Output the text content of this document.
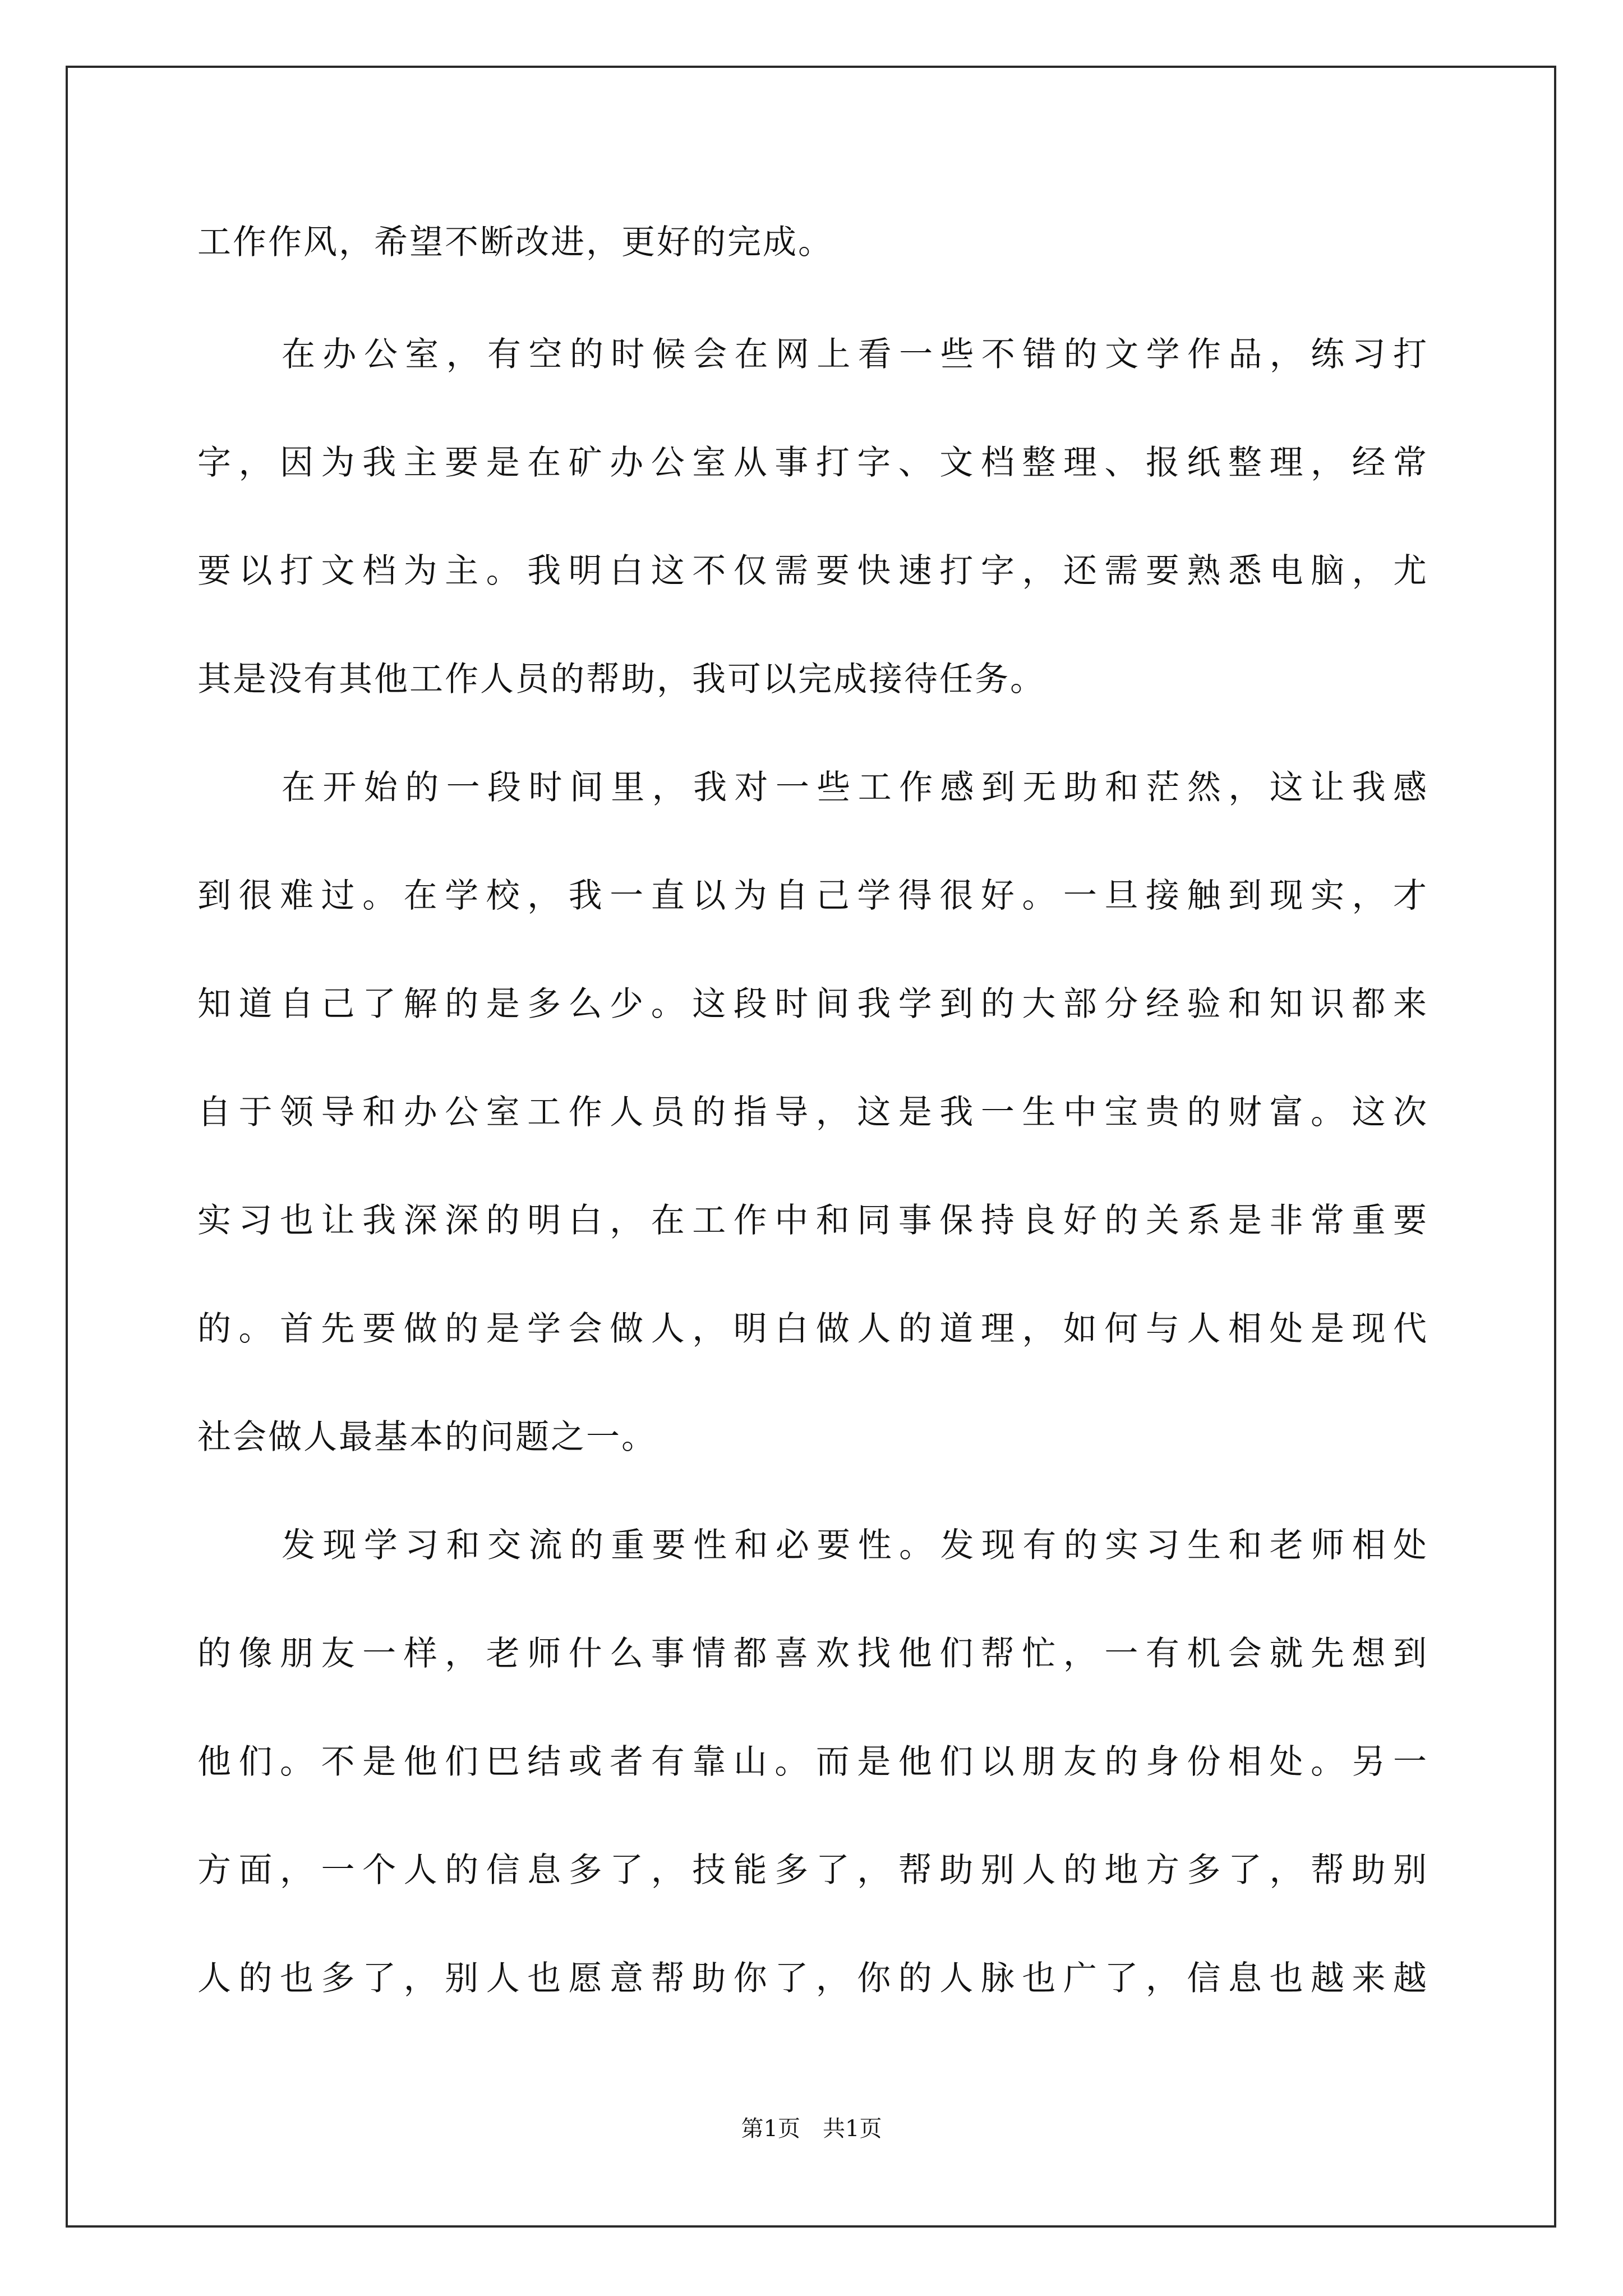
工作作风，希望不断改进，更好的完成。
在办公室，有空的时候会在网上看一些不错的文学作品，练习打
字，因为我主要是在矿办公室从事打字、文档整理、报纸整理，经常
要以打文档为主。我明白这不仅需要快速打字，还需要熟悉电脑，尤
其是没有其他工作人员的帮助，我可以完成接待任务。
在开始的一段时间里，我对一些工作感到无助和茫然，这让我感
到很难过。在学校，我一直以为自己学得很好。一旦接触到现实，才
知道自己了解的是多么少。这段时间我学到的大部分经验和知识都来
自于领导和办公室工作人员的指导，这是我一生中宝贵的财富。这次
实习也让我深深的明白，在工作中和同事保持良好的关系是非常重要
的。首先要做的是学会做人，明白做人的道理，如何与人相处是现代
社会做人最基本的问题之一。
发现学习和交流的重要性和必要性。发现有的实习生和老师相处
的像朋友一样，老师什么事情都喜欢找他们帮忙，一有机会就先想到
他们。不是他们巴结或者有靠山。而是他们以朋友的身份相处。另一
方面，一个人的信息多了，技能多了，帮助别人的地方多了，帮助别
人的也多了，别人也愿意帮助你了，你的人脉也广了，信息也越来越
第1页　共1页
